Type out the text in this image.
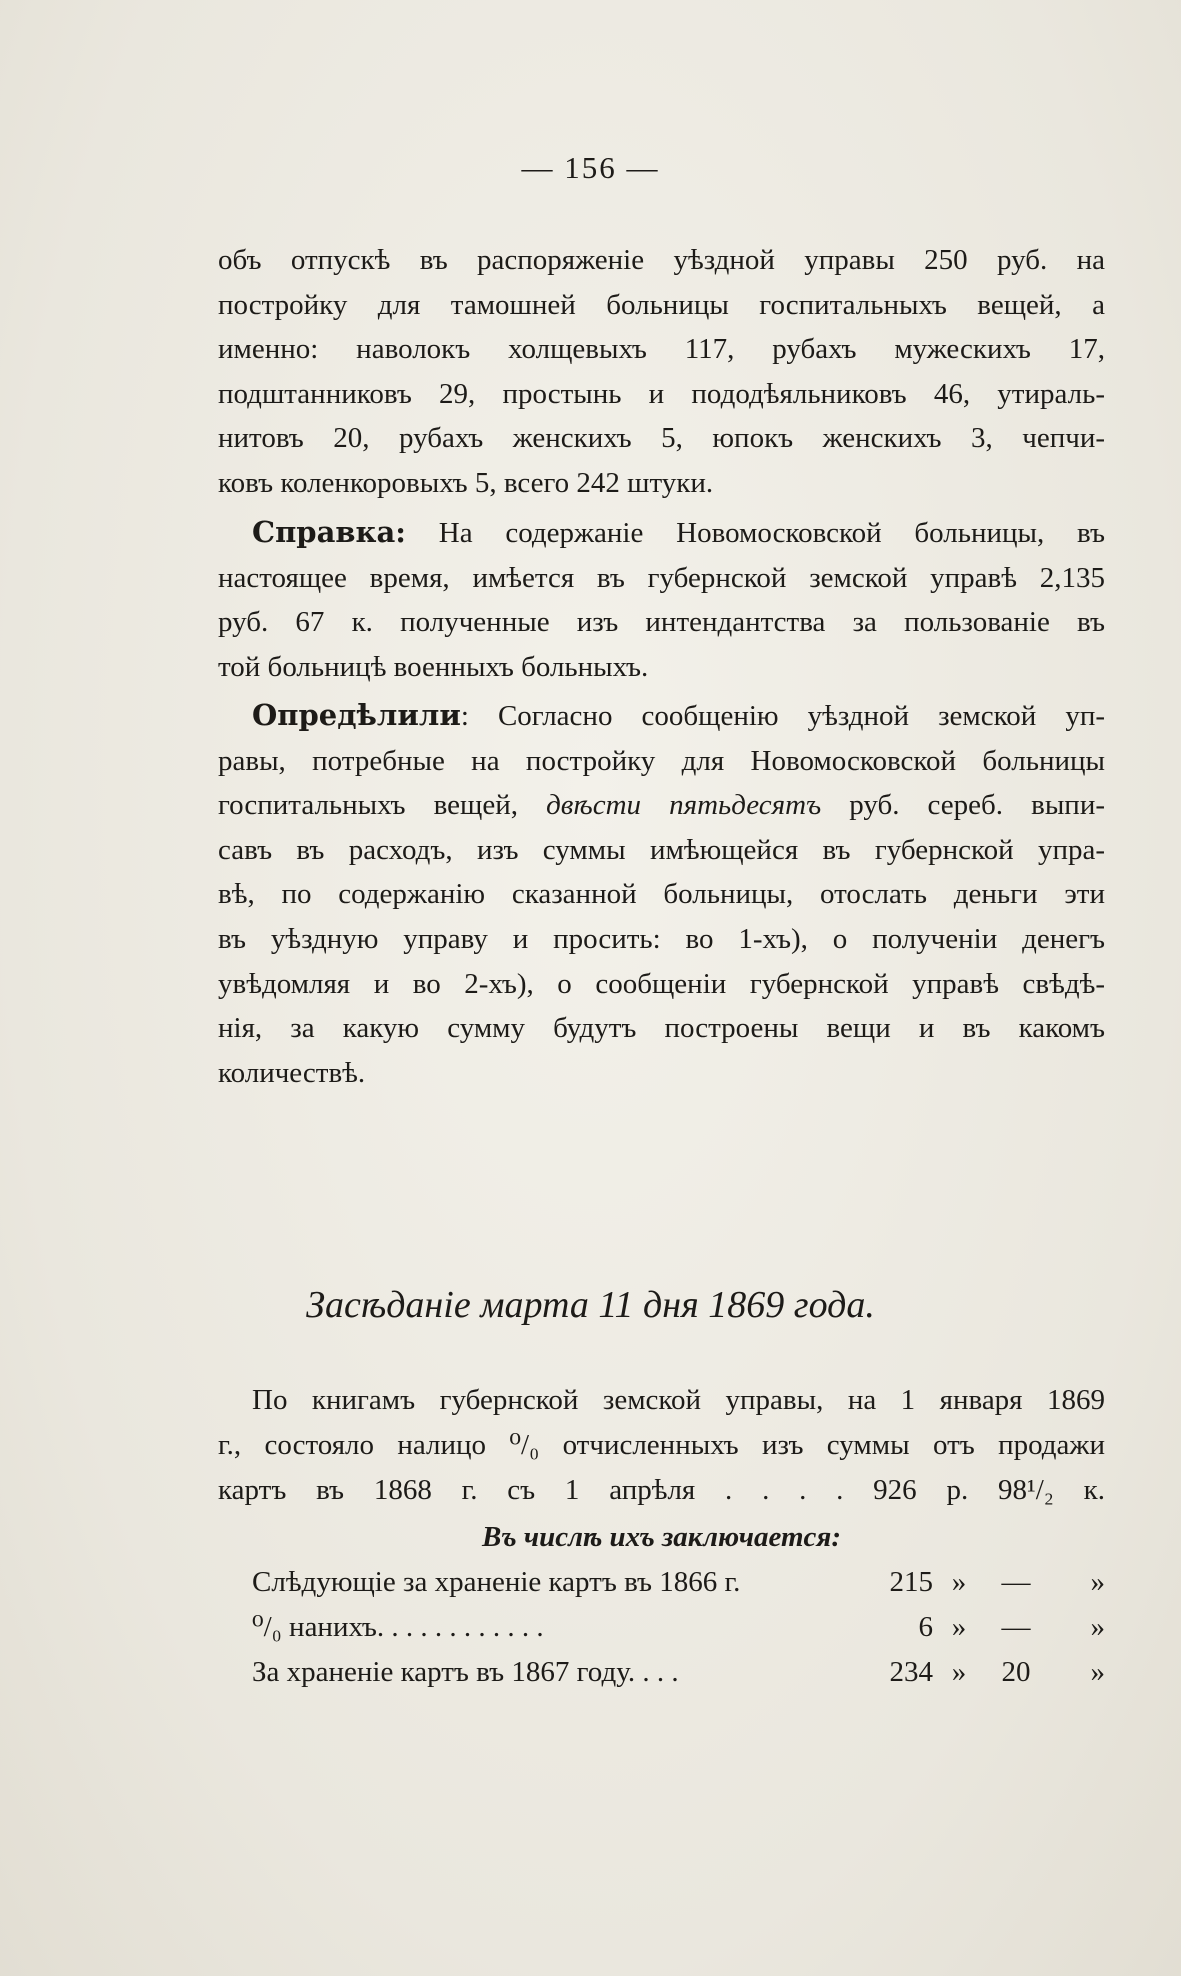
— 156 —

объ отпускѣ въ распоряженіе уѣздной управы 250 руб. на

постройку для тамошней больницы госпитальныхъ вещей, а

именно: наволокъ холщевыхъ 117, рубахъ мужескихъ 17,

подштанниковъ 29, простынь и пододѣяльниковъ 46, утираль-

нитовъ 20, рубахъ женскихъ 5, юпокъ женскихъ 3, чепчи-

ковъ коленкоровыхъ 5, всего 242 штуки.

Справка: На содержаніе Новомосковской больницы, въ

настоящее время, имѣется въ губернской земской управѣ 2,135

руб. 67 к. полученные изъ интендантства за пользованіе въ

той больницѣ военныхъ больныхъ.

Опредѣлили: Согласно сообщенію уѣздной земской уп-

равы, потребные на постройку для Новомосковской больницы

госпитальныхъ вещей, двѣсти пятьдесятъ руб. сереб. выпи-

савъ въ расходъ, изъ суммы имѣющейся въ губернской упра-

вѣ, по содержанію сказанной больницы, отослать деньги эти

въ уѣздную управу и просить: во 1-хъ), о полученіи денегъ

увѣдомляя и во 2-хъ), о сообщеніи губернской управѣ свѣдѣ-

нія, за какую сумму будутъ построены вещи и въ какомъ

количествѣ.

Засѣданіе марта 11 дня 1869 года.

По книгамъ губернской земской управы, на 1 января 1869

г., состояло налицо ⁰/₀ отчисленныхъ изъ суммы отъ продажи

картъ въ 1868 г. съ 1 апрѣля . . . . 926 р. 98¹/₂ к.

Въ числѣ ихъ заключается:

Слѣдующіе за храненіе картъ въ 1866 г.	215 »	—	»
⁰/₀ нанихъ. . . . . . . . . . . .	6 »	—	»
За храненіе картъ въ 1867 году. . . .	234 »	20	»
